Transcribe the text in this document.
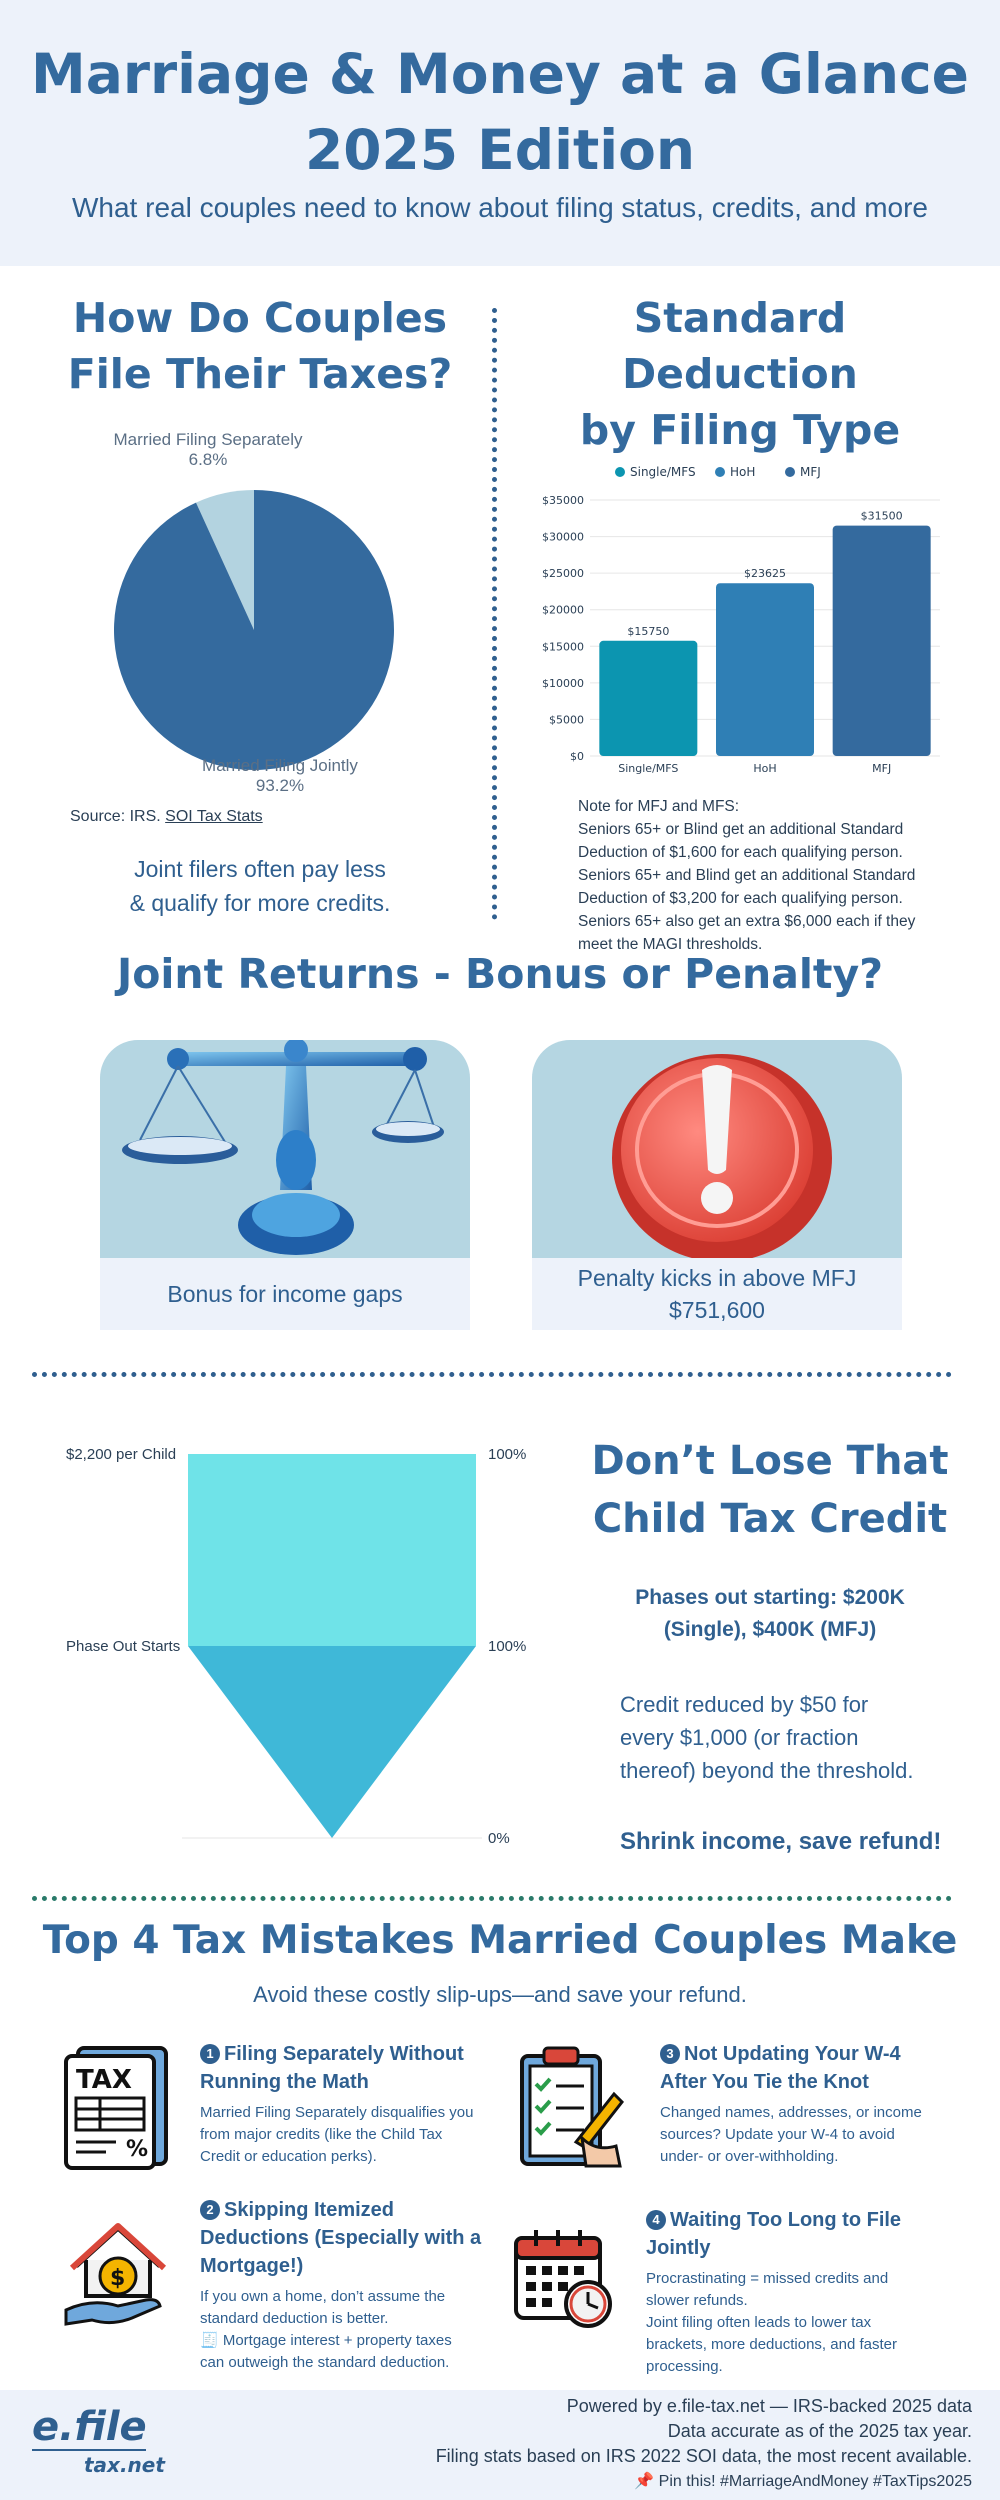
Marriage & Money at a Glance
2025 Edition

What real couples need to know about filing status, credits, and more

How Do Couples
File Their Taxes?
Married Filing Separately
6.8%
Married Filing Jointly
93.2%
Source: IRS. SOI Tax Stats
Joint filers often pay less
& qualify for more credits.
Standard
Deduction
by Filing Type
Single/MFS	HoH	MFJ
$0
$5000
$10000
$15000
$20000
$25000
$30000
$35000
$15750
Single/MFS
$23625
HoH
$31500
MFJ
Note for MFJ and MFS:
Seniors 65+ or Blind get an additional Standard
Deduction of $1,600 for each qualifying person.
Seniors 65+ and Blind get an additional Standard
Deduction of $3,200 for each qualifying person.
Seniors 65+ also get an extra $6,000 each if they
meet the MAGI thresholds.
Joint Returns - Bonus or Penalty?
Bonus for income gaps
Penalty kicks in above MFJ
$751,600
$2,200 per Child	100%
Phase Out Starts	100%
0%
Don’t Lose That
Child Tax Credit
Phases out starting: $200K
(Single), $400K (MFJ)
Credit reduced by $50 for
every $1,000 (or fraction
thereof) beyond the threshold.
Shrink income, save refund!
Top 4 Tax Mistakes Married Couples Make
Avoid these costly slip-ups—and save your refund.
TAX
%
1 Filing Separately Without
Running the Math
Married Filing Separately disqualifies you
from major credits (like the Child Tax
Credit or education perks).
$
2 Skipping Itemized
Deductions (Especially with a
Mortgage!)
If you own a home, don’t assume the
standard deduction is better.
🧾 Mortgage interest + property taxes
can outweigh the standard deduction.
3 Not Updating Your W-4
After You Tie the Knot
Changed names, addresses, or income
sources? Update your W-4 to avoid
under- or over-withholding.
4 Waiting Too Long to File
Jointly
Procrastinating = missed credits and
slower refunds.
Joint filing often leads to lower tax
brackets, more deductions, and faster
processing.
e.file
tax.net
Powered by e.file-tax.net — IRS-backed 2025 data
Data accurate as of the 2025 tax year.
Filing stats based on IRS 2022 SOI data, the most recent available.
📌 Pin this! #MarriageAndMoney #TaxTips2025
